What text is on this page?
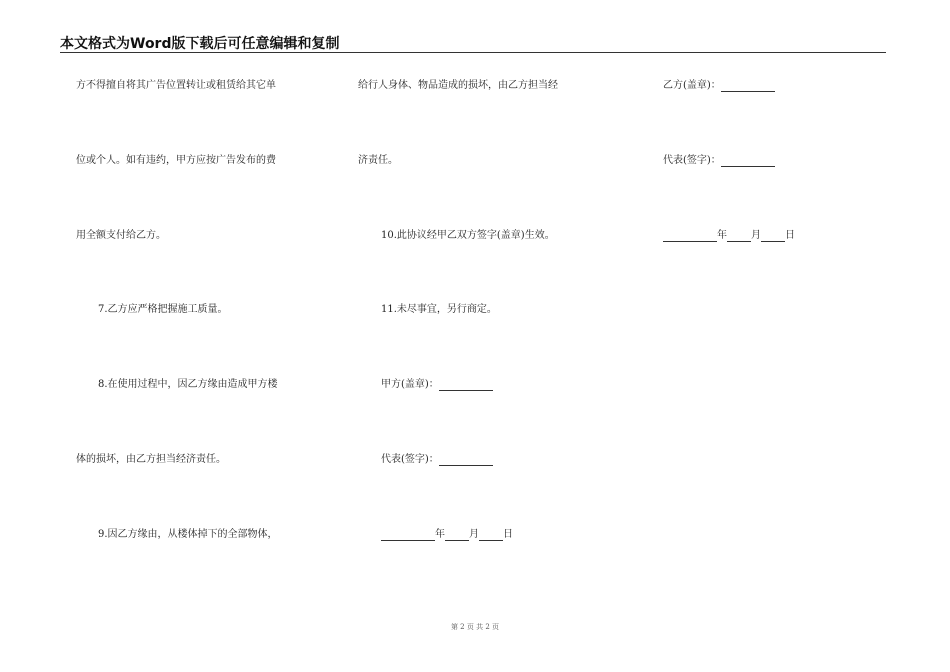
本文格式为Word版下载后可任意编辑和复制
方不得擅自将其广告位置转让或租赁给其它单
位或个人。如有违约，甲方应按广告发布的费
用全额支付给乙方。
7.乙方应严格把握施工质量。
8.在使用过程中，因乙方缘由造成甲方楼
体的损坏，由乙方担当经济责任。
9.因乙方缘由，从楼体掉下的全部物体，
给行人身体、物品造成的损坏，由乙方担当经
济责任。
10.此协议经甲乙双方签字(盖章)生效。
11.未尽事宜，另行商定。
甲方(盖章)：
代表(签字)：
年 月 日
乙方(盖章)：
代表(签字)：
年 月 日
第 2 页 共 2 页
